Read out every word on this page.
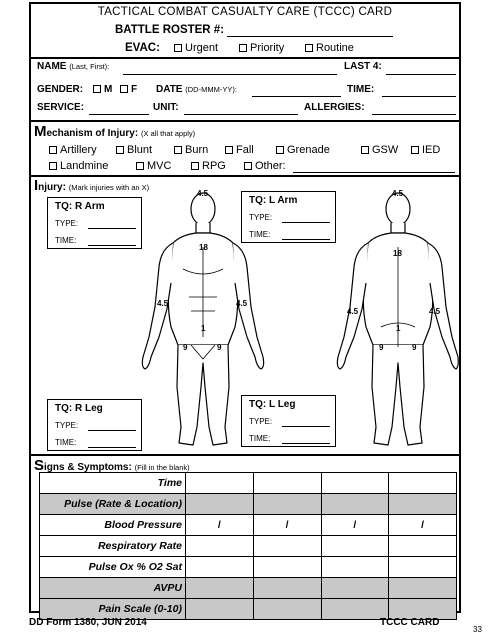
TACTICAL COMBAT CASUALTY CARE (TCCC) CARD
BATTLE ROSTER #:
EVAC:	Urgent	Priority	Routine
NAME (Last, First):	LAST 4:
GENDER:	M	F DATE (DD-MMM-YY):	TIME:
SERVICE:	UNIT:	ALLERGIES:
Mechanism of Injury: (X all that apply)
Artillery	Blunt	Burn	Fall	Grenade	GSW	IED
Landmine	MVC	RPG	Other:
Injury: (Mark injuries with an X)
4.5
18
4.5	4.5
1
9	9
4.5
18
4.5	4.5
1
9	9
TQ: R Arm
TYPE:
TIME:
TQ: L Arm
TYPE:
TIME:
TQ: R Leg
TYPE:
TIME:
TQ: L Leg
TYPE:
TIME:
Signs & Symptoms: (Fill in the blank)
Time				
Pulse (Rate & Location)				
Blood Pressure	/	/	/	/
Respiratory Rate				
Pulse Ox % O2 Sat				
AVPU				
Pain Scale (0-10)				
DD Form 1380, JUN 2014	TCCC CARD
33
